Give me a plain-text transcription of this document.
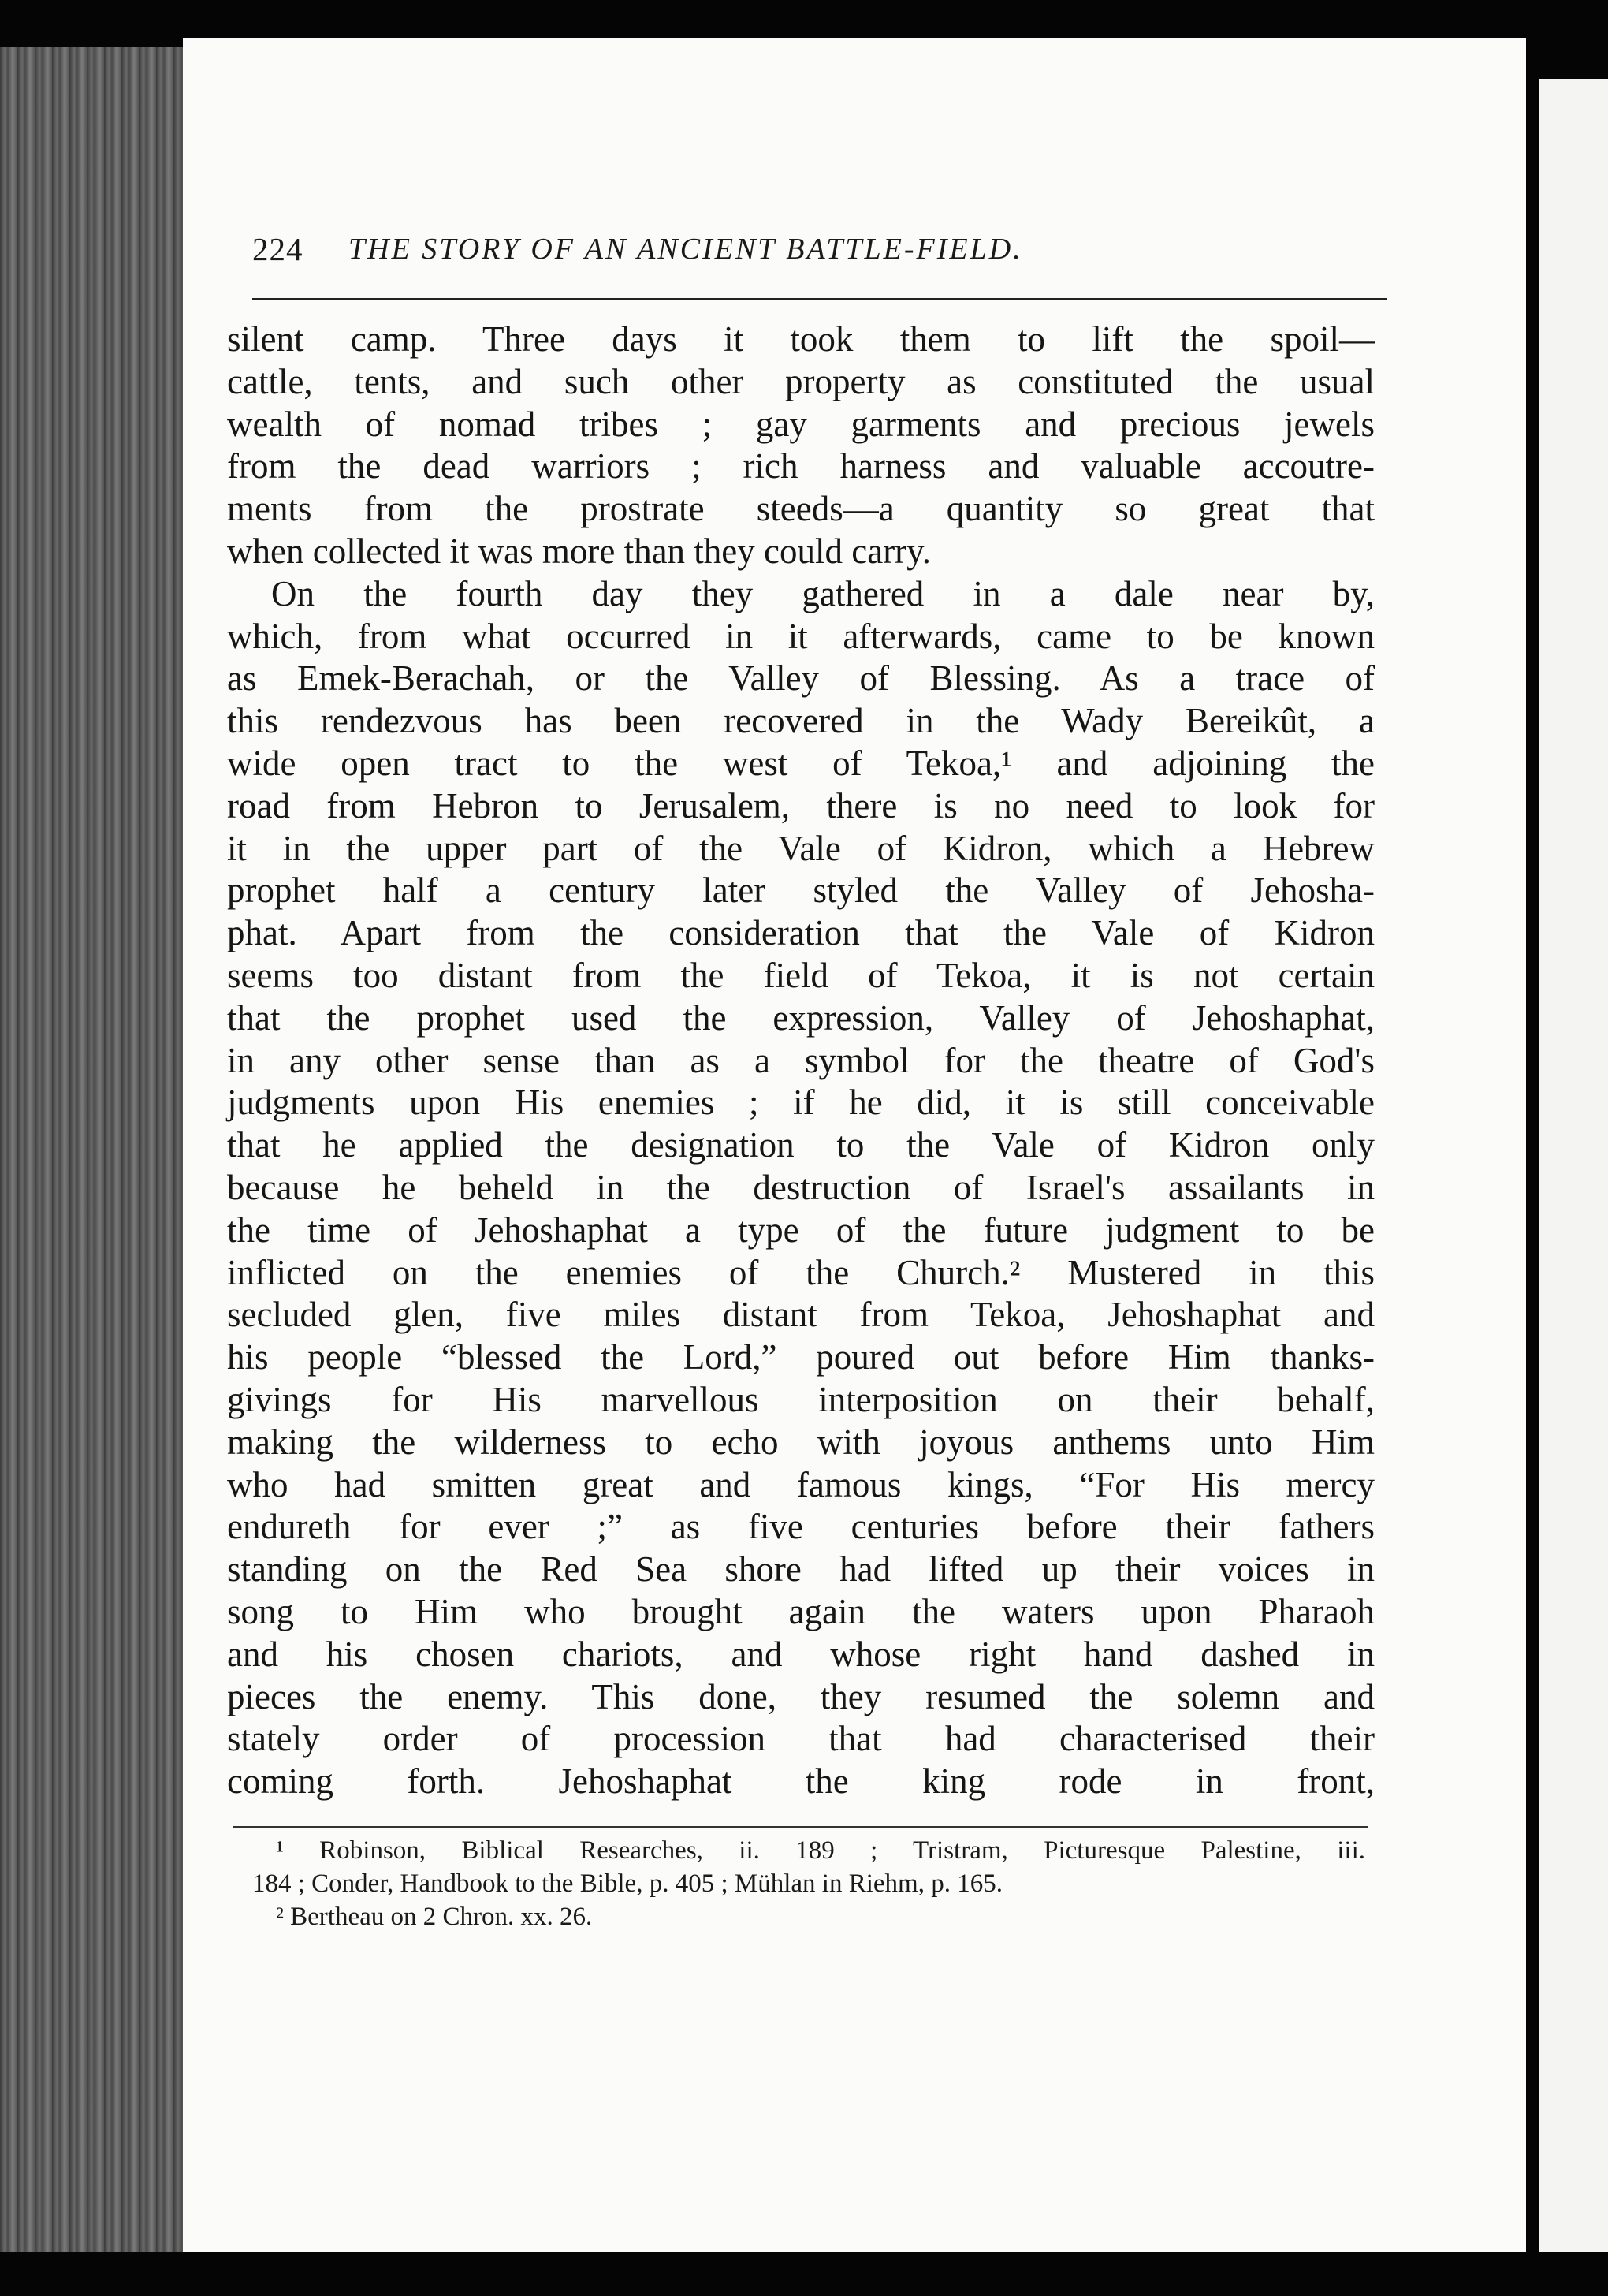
224 THE STORY OF AN ANCIENT BATTLE-FIELD.
silent camp. Three days it took them to lift the spoil—
cattle, tents, and such other property as constituted the usual
wealth of nomad tribes ; gay garments and precious jewels
from the dead warriors ; rich harness and valuable accoutre-
ments from the prostrate steeds—a quantity so great that
when collected it was more than they could carry.
On the fourth day they gathered in a dale near by,
which, from what occurred in it afterwards, came to be known
as Emek-Berachah, or the Valley of Blessing. As a trace of
this rendezvous has been recovered in the Wady Bereikût, a
wide open tract to the west of Tekoa,¹ and adjoining the
road from Hebron to Jerusalem, there is no need to look for
it in the upper part of the Vale of Kidron, which a Hebrew
prophet half a century later styled the Valley of Jehosha-
phat. Apart from the consideration that the Vale of Kidron
seems too distant from the field of Tekoa, it is not certain
that the prophet used the expression, Valley of Jehoshaphat,
in any other sense than as a symbol for the theatre of God's
judgments upon His enemies ; if he did, it is still conceivable
that he applied the designation to the Vale of Kidron only
because he beheld in the destruction of Israel's assailants in
the time of Jehoshaphat a type of the future judgment to be
inflicted on the enemies of the Church.² Mustered in this
secluded glen, five miles distant from Tekoa, Jehoshaphat and
his people “blessed the Lord,” poured out before Him thanks-
givings for His marvellous interposition on their behalf,
making the wilderness to echo with joyous anthems unto Him
who had smitten great and famous kings, “For His mercy
endureth for ever ;” as five centuries before their fathers
standing on the Red Sea shore had lifted up their voices in
song to Him who brought again the waters upon Pharaoh
and his chosen chariots, and whose right hand dashed in
pieces the enemy. This done, they resumed the solemn and
stately order of procession that had characterised their
coming forth. Jehoshaphat the king rode in front,
¹ Robinson, Biblical Researches, ii. 189 ; Tristram, Picturesque Palestine, iii.
184 ; Conder, Handbook to the Bible, p. 405 ; Mühlan in Riehm, p. 165.
² Bertheau on 2 Chron. xx. 26.
